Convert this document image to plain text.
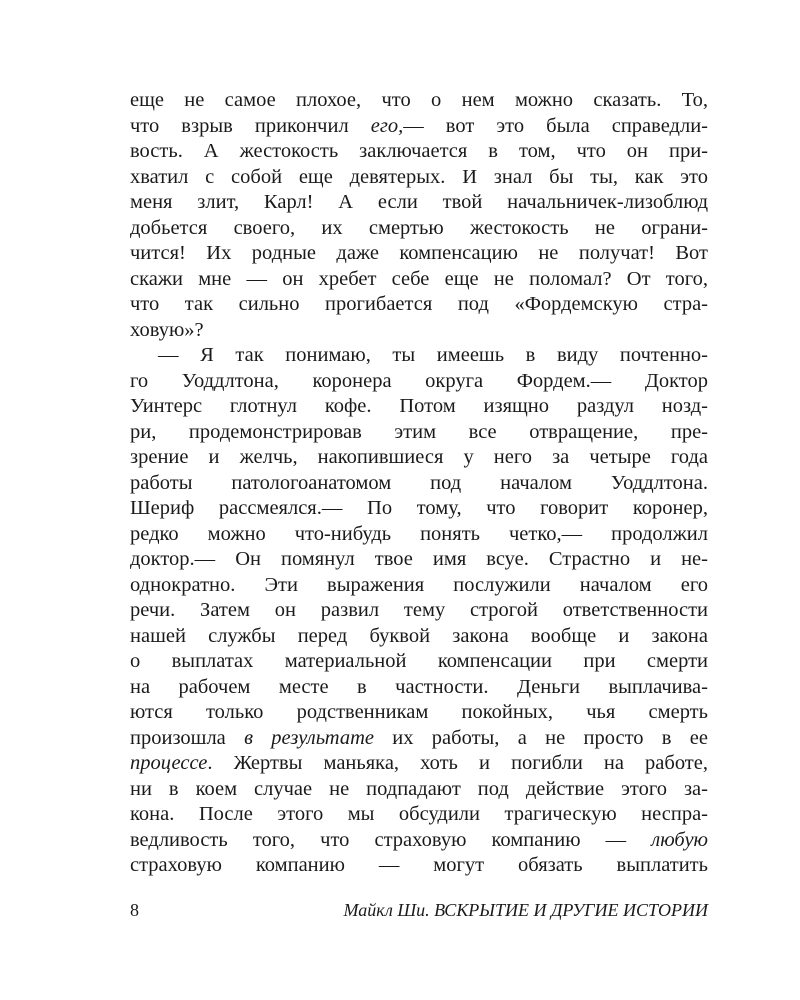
еще не самое плохое, что о нем можно сказать. То,
что взрыв прикончил его,— вот это была справедли-
вость. А жестокость заключается в том, что он при-
хватил с собой еще девятерых. И знал бы ты, как это
меня злит, Карл! А если твой начальничек-лизоблюд
добьется своего, их смертью жестокость не ограни-
чится! Их родные даже компенсацию не получат! Вот
скажи мне — он хребет себе еще не поломал? От того,
что так сильно прогибается под «Фордемскую стра-
ховую»?
— Я так понимаю, ты имеешь в виду почтенно-
го Уоддлтона, коронера округа Фордем.— Доктор
Уинтерс глотнул кофе. Потом изящно раздул нозд-
ри, продемонстрировав этим все отвращение, пре-
зрение и желчь, накопившиеся у него за четыре года
работы патологоанатомом под началом Уоддлтона.
Шериф рассмеялся.— По тому, что говорит коронер,
редко можно что-нибудь понять четко,— продолжил
доктор.— Он помянул твое имя всуе. Страстно и не-
однократно. Эти выражения послужили началом его
речи. Затем он развил тему строгой ответственности
нашей службы перед буквой закона вообще и закона
о выплатах материальной компенсации при смерти
на рабочем месте в частности. Деньги выплачива-
ются только родственникам покойных, чья смерть
произошла в результате их работы, а не просто в ее
процессе. Жертвы маньяка, хоть и погибли на работе,
ни в коем случае не подпадают под действие этого за-
кона. После этого мы обсудили трагическую неспра-
ведливость того, что страховую компанию — любую
страховую компанию — могут обязать выплатить
8	Майкл Ши. ВСКРЫТИЕ И ДРУГИЕ ИСТОРИИ
